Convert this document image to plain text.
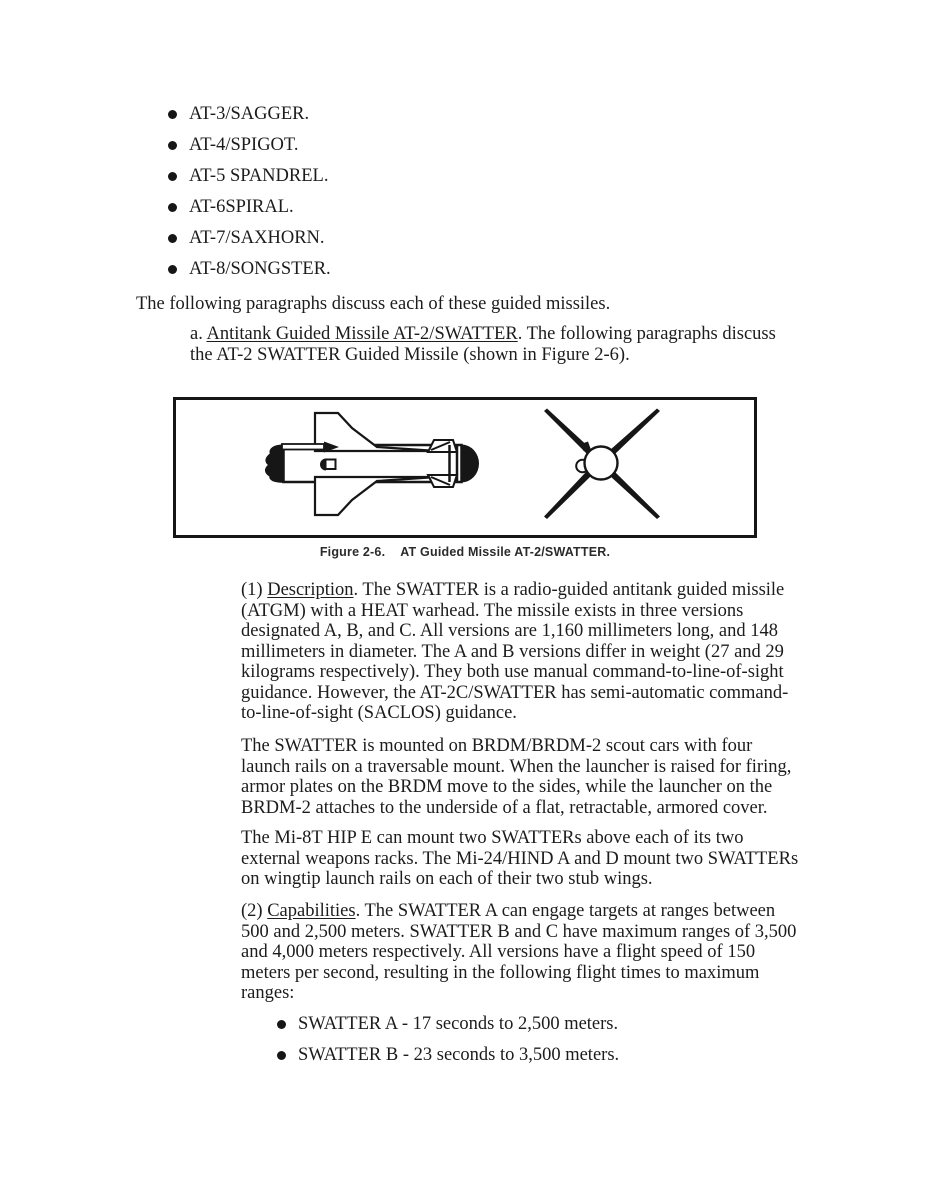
AT-3/SAGGER.
AT-4/SPIGOT.
AT-5 SPANDREL.
AT-6SPIRAL.
AT-7/SAXHORN.
AT-8/SONGSTER.

The following paragraphs discuss each of these guided missiles.

a. Antitank Guided Missile AT-2/SWATTER. The following paragraphs discuss the AT-2 SWATTER Guided Missile (shown in Figure 2-6).

Figure 2-6. AT Guided Missile AT-2/SWATTER.

(1) Description. The SWATTER is a radio-guided antitank guided missile (ATGM) with a HEAT warhead. The missile exists in three versions designated A, B, and C. All versions are 1,160 millimeters long, and 148 millimeters in diameter. The A and B versions differ in weight (27 and 29 kilograms respectively). They both use manual command-to-line-of-sight guidance. However, the AT-2C/SWATTER has semi-automatic command-to-line-of-sight (SACLOS) guidance.

The SWATTER is mounted on BRDM/BRDM-2 scout cars with four launch rails on a traversable mount. When the launcher is raised for firing, armor plates on the BRDM move to the sides, while the launcher on the BRDM-2 attaches to the underside of a flat, retractable, armored cover.

The Mi-8T HIP E can mount two SWATTERs above each of its two external weapons racks. The Mi-24/HIND A and D mount two SWATTERs on wingtip launch rails on each of their two stub wings.

(2) Capabilities. The SWATTER A can engage targets at ranges between 500 and 2,500 meters. SWATTER B and C have maximum ranges of 3,500 and 4,000 meters respectively. All versions have a flight speed of 150 meters per second, resulting in the following flight times to maximum ranges:

SWATTER A - 17 seconds to 2,500 meters.
SWATTER B - 23 seconds to 3,500 meters.
